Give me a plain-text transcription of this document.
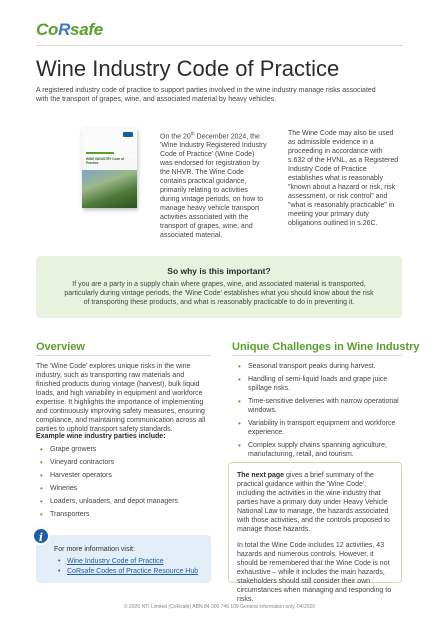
CoRsafe
Wine Industry Code of Practice

A registered industry code of practice to support parties involved in the wine industry manage risks associated with the transport of grapes, wine, and associated material by heavy vehicles.

WINE INDUSTRY Code of Practice

On the 20th December 2024, the 'Wine Industry Registered Industry Code of Practice' (Wine Code) was endorsed for registration by the NHVR. The Wine Code contains practical guidance, primarily relating to activities during vintage periods, on how to manage heavy vehicle transport activities associated with the transport of grapes, wine, and associated material.

The Wine Code may also be used as admissible evidence in a proceeding in accordance with s.632 of the HVNL, as a Registered Industry Code of Practice establishes what is reasonably "known about a hazard or risk, risk assessment, or risk control" and "what is reasonably practicable" in meeting your primary duty obligations outlined in s.26C.

So why is this important?

If you are a party in a supply chain where grapes, wine, and associated material is transported, particularly during vintage periods, the 'Wine Code' establishes what you should know about the risk of transporting these products, and what is reasonably practicable to do in preventing it.

Overview	Unique Challenges in Wine Industry

The 'Wine Code' explores unique risks in the wine industry, such as transporting raw materials and finished products during vintage (harvest), bulk liquid loads, and high variability in equipment and workforce expertise. It highlights the importance of implementing and continuously improving safety measures, ensuring compliance, and maintaining communication across all parties to uphold transport safety standards.

Example wine industry parties include:
• Grape growers
• Vineyard contractors
• Harvester operators
• Wineries
• Loaders, unloaders, and depot managers
• Transporters
• Seasonal transport peaks during harvest.
• Handling of semi-liquid loads and grape juice spillage risks.
• Time-sensitive deliveries with narrow operational windows.
• Variability in transport equipment and workforce experience.
• Complex supply chains spanning agriculture, manufacturing, retail, and tourism.
i
For more information visit:
• Wine Industry Code of Practice
• CoRsafe Codes of Practice Resource Hub

The next page gives a brief summary of the practical guidance within the 'Wine Code', including the activities in the wine industry that parties have a primary duty under Heavy Vehicle National Law to manage, the hazards associated with those activities, and the controls proposed to manage those hazards.

In total the Wine Code includes 12 activities, 43 hazards and numerous controls. However, it should be remembered that the Wine Code is not exhaustive – while it includes the main hazards, stakeholders should still consider their own circumstances when managing and responding to risks.

© 2026 NTI Limited (CoRsafe) ABN 84 000 746 109 General information only. 04/2026
